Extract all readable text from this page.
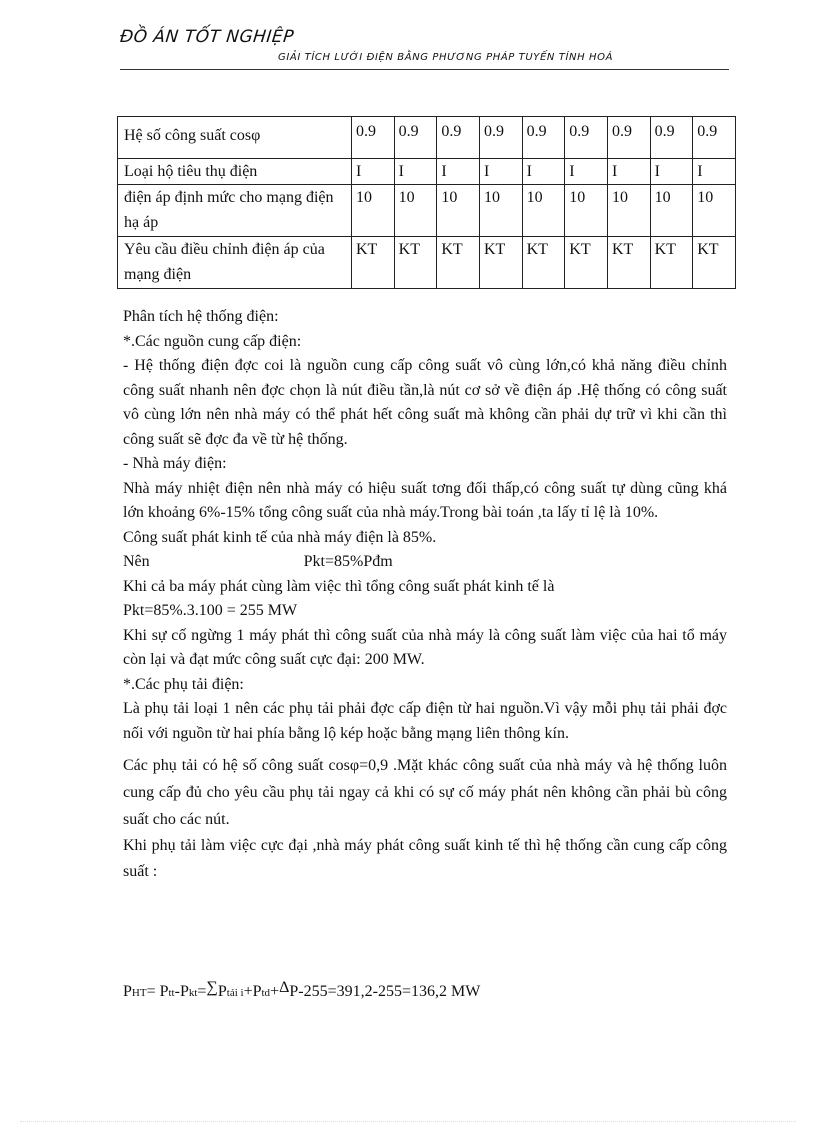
ĐỒ ÁN TỐT NGHIỆP
GIẢI TÍCH LƯỚI ĐIỆN BẰNG PHƯƠNG PHÁP TUYẾN TÍNH HOÁ
Hệ số công suất cosφ	0.9	0.9	0.9	0.9	0.9	0.9	0.9	0.9	0.9
Loại hộ tiêu thụ điện	I	I	I	I	I	I	I	I	I
điện áp định mức cho mạng điện hạ áp	10	10	10	10	10	10	10	10	10
Yêu cầu điều chỉnh điện áp của mạng điện	KT	KT	KT	KT	KT	KT	KT	KT	KT

Phân tích hệ thống điện:

*.Các nguồn cung cấp điện:

- Hệ thống điện đợc coi là nguồn cung cấp công suất vô cùng lớn,có khả năng điều chỉnh công suất nhanh nên đợc chọn là nút điều tần,là nút cơ sở về điện áp .Hệ thống có công suất vô cùng lớn nên nhà máy có thể phát hết công suất mà không cần phải dự trữ vì khi cần thì công suất sẽ đợc đa về từ hệ thống.

- Nhà máy điện:

Nhà máy nhiệt điện nên nhà máy có hiệu suất tơng đối thấp,có công suất tự dùng cũng khá lớn khoảng 6%-15% tổng công suất của nhà máy.Trong bài toán ,ta lấy tỉ lệ là 10%.

Công suất phát kinh tế của nhà máy điện là 85%.

Nên	Pkt=85%Pđm

Khi cả ba máy phát cùng làm việc thì tổng công suất phát kinh tế là

Pkt=85%.3.100 = 255 MW

Khi sự cố ngừng 1 máy phát thì công suất của nhà máy là công suất làm việc của hai tổ máy còn lại và đạt mức công suất cực đại: 200 MW.

*.Các phụ tải điện:

Là phụ tải loại 1 nên các phụ tải phải đợc cấp điện từ hai nguồn.Vì vậy mỗi phụ tải phải đợc nối với nguồn từ hai phía bằng lộ kép hoặc bằng mạng liên thông kín.

Các phụ tải có hệ số công suất cosφ=0,9 .Mặt khác công suất của nhà máy và hệ thống luôn cung cấp đủ cho yêu cầu phụ tải ngay cả khi có sự cố máy phát nên không cần phải bù công suất cho các nút.

Khi phụ tải làm việc cực đại ,nhà máy phát công suất kinh tế thì hệ thống cần cung cấp công suất :

PHT= Ptt-Pkt=∑Ptải i+Ptd+ΔP-255=391,2-255=136,2 MW
